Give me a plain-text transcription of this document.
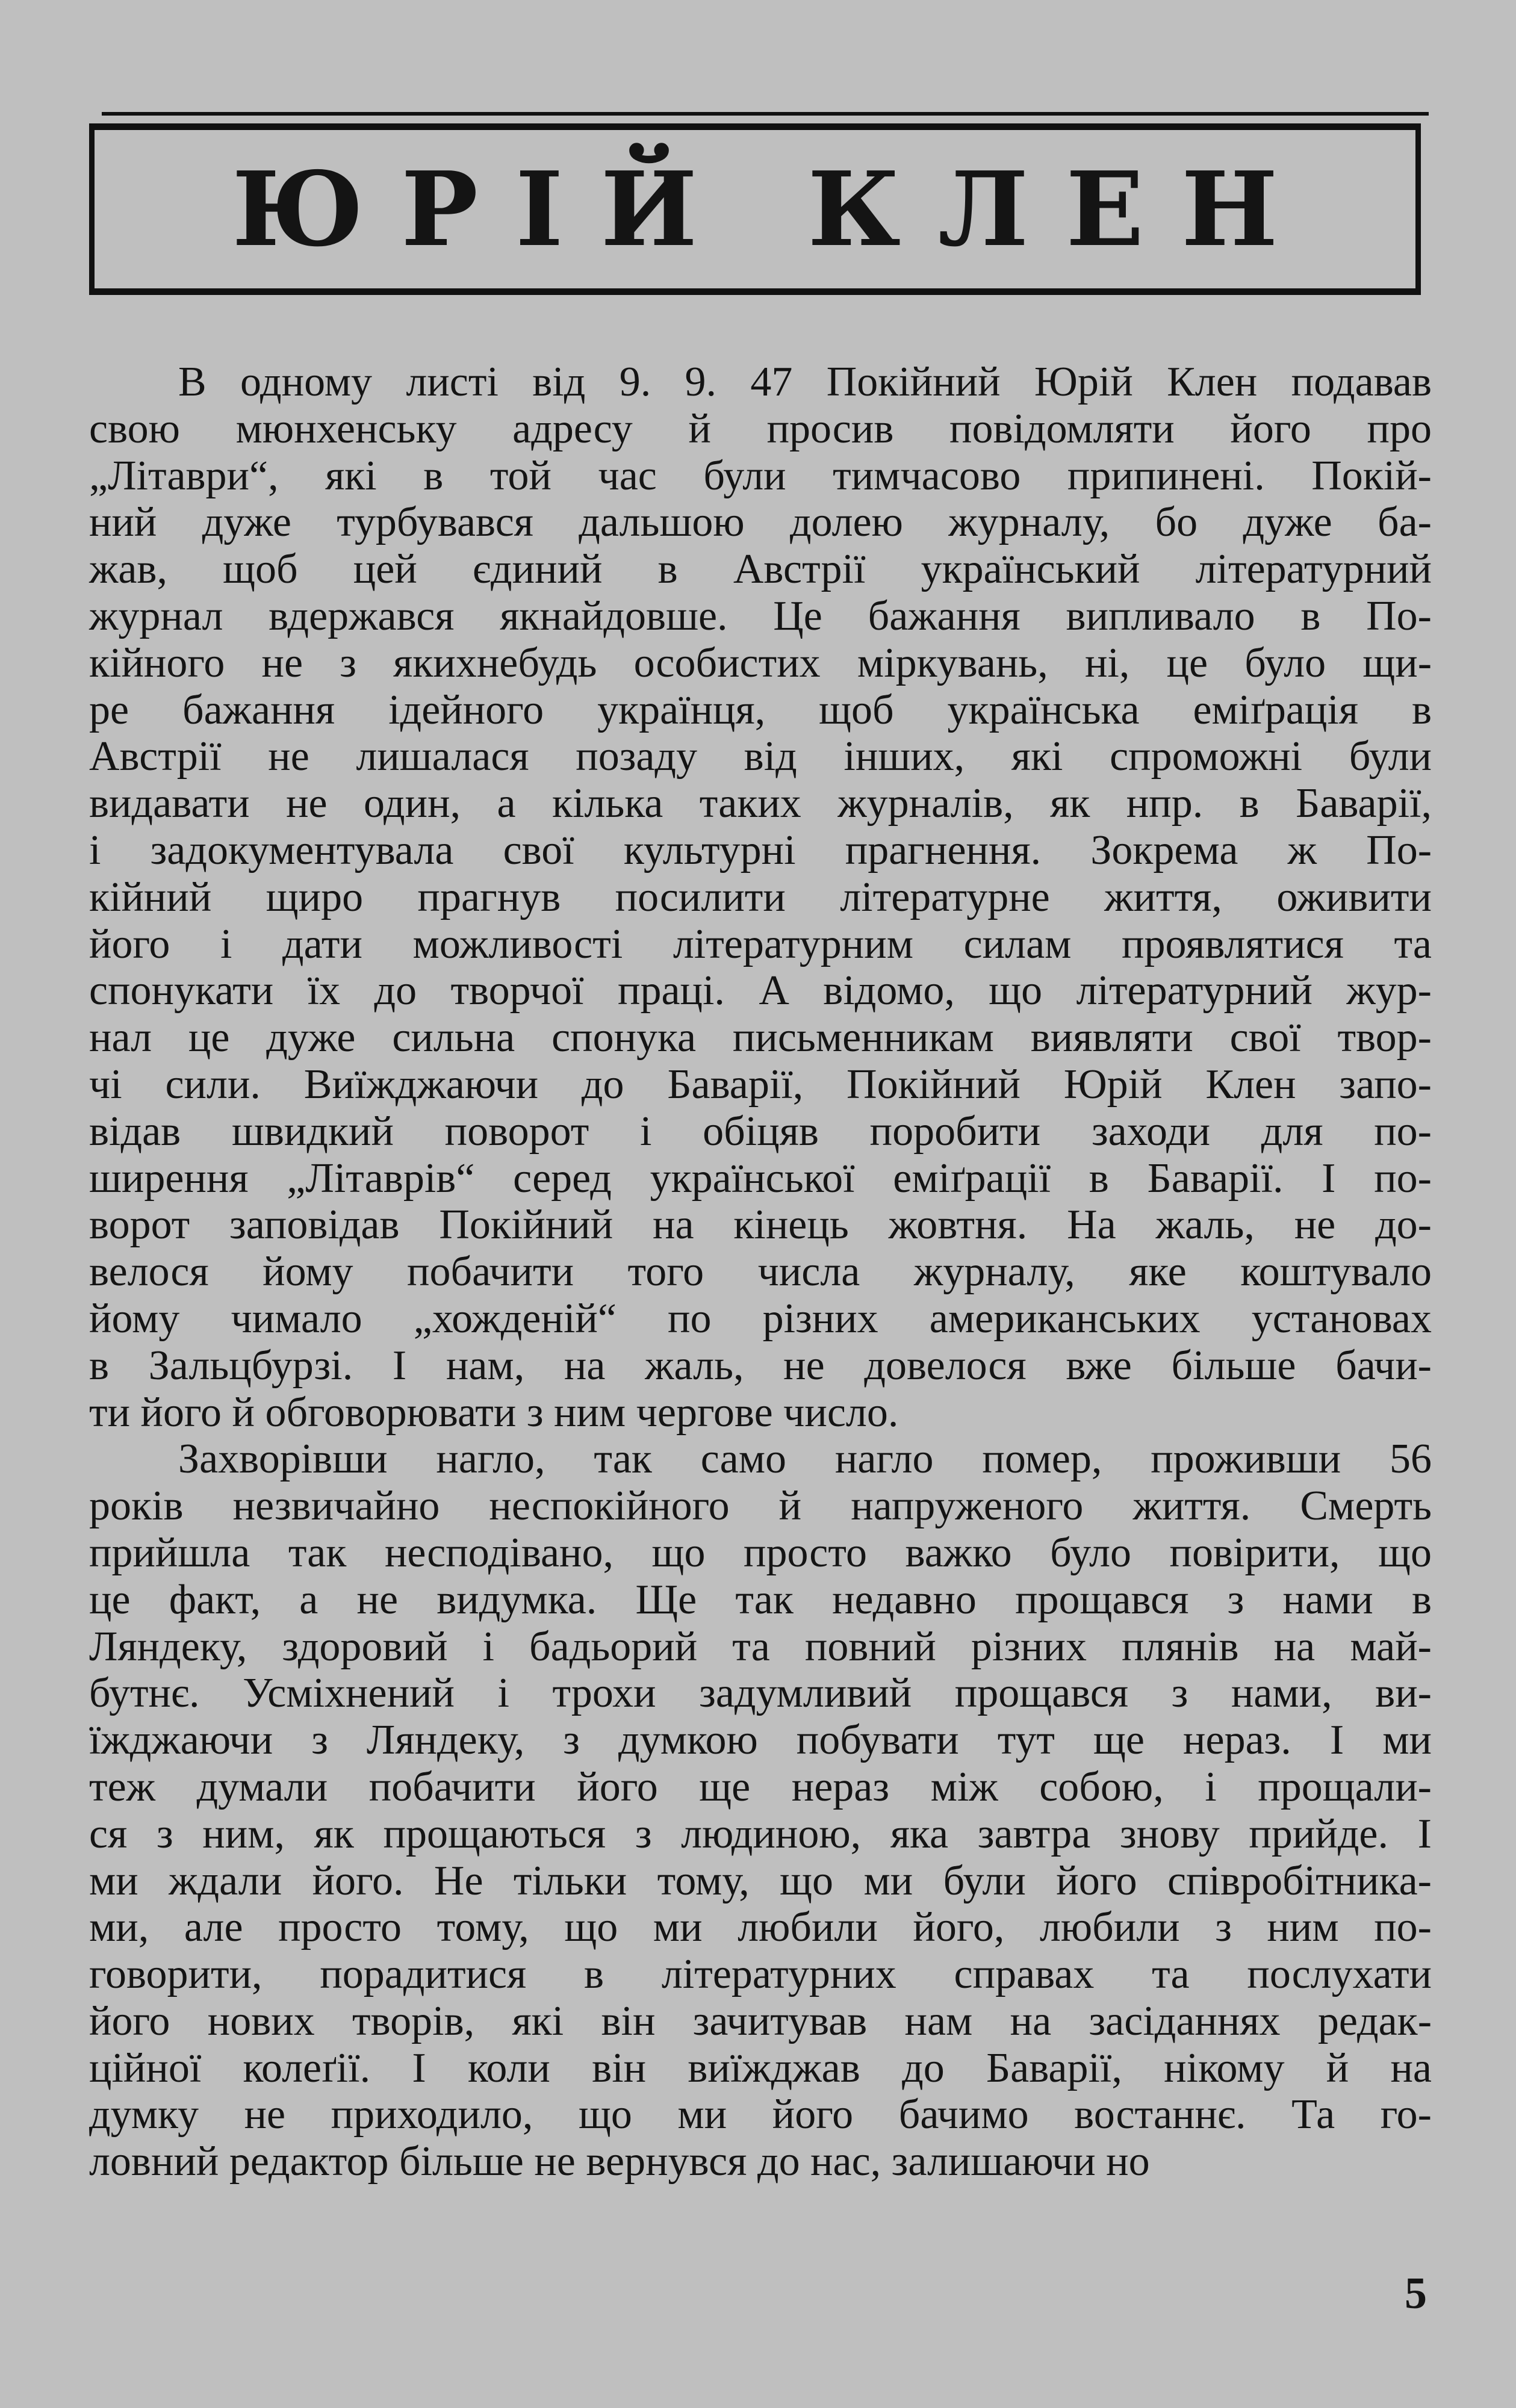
ЮРІЙ КЛЕН

В одному листі від 9. 9. 47 Покійний Юрій Клен подавав
свою мюнхенську адресу й просив повідомляти його про
„Літаври“, які в той час були тимчасово припинені. Покій-
ний дуже турбувався дальшою долею журналу, бо дуже ба-
жав, щоб цей єдиний в Австрії український літературний
журнал вдержався якнайдовше. Це бажання випливало в По-
кійного не з якихнебудь особистих міркувань, ні, це було щи-
ре бажання ідейного українця, щоб українська еміґрація в
Австрії не лишалася позаду від інших, які спроможні були
видавати не один, а кілька таких журналів, як нпр. в Баварії,
і задокументувала свої культурні прагнення. Зокрема ж По-
кійний щиро прагнув посилити літературне життя, оживити
його і дати можливості літературним силам проявлятися та
спонукати їх до творчої праці. А відомо, що літературний жур-
нал це дуже сильна спонука письменникам виявляти свої твор-
чі сили. Виїжджаючи до Баварії, Покійний Юрій Клен запо-
відав швидкий поворот і обіцяв поробити заходи для по-
ширення „Літаврів“ серед української еміґрації в Баварії. І по-
ворот заповідав Покійний на кінець жовтня. На жаль, не до-
велося йому побачити того числа журналу, яке коштувало
йому чимало „хожденій“ по різних американських установах
в Зальцбурзі. І нам, на жаль, не довелося вже більше бачи-
ти його й обговорювати з ним чергове число.

Захворівши нагло, так само нагло помер, проживши 56
років незвичайно неспокійного й напруженого життя. Смерть
прийшла так несподівано, що просто важко було повірити, що
це факт, а не видумка. Ще так недавно прощався з нами в
Ляндеку, здоровий і бадьорий та повний різних плянів на май-
бутнє. Усміхнений і трохи задумливий прощався з нами, ви-
їжджаючи з Ляндеку, з думкою побувати тут ще нераз. І ми
теж думали побачити його ще нераз між собою, і прощали-
ся з ним, як прощаються з людиною, яка завтра знову прийде. І
ми ждали його. Не тільки тому, що ми були його співробітника-
ми, але просто тому, що ми любили його, любили з ним по-
говорити, порадитися в літературних справах та послухати
його нових творів, які він зачитував нам на засіданнях редак-
ційної колеґії. І коли він виїжджав до Баварії, нікому й на
думку не приходило, що ми його бачимо востаннє. Та го-
ловний редактор більше не вернувся до нас, залишаючи но

5
